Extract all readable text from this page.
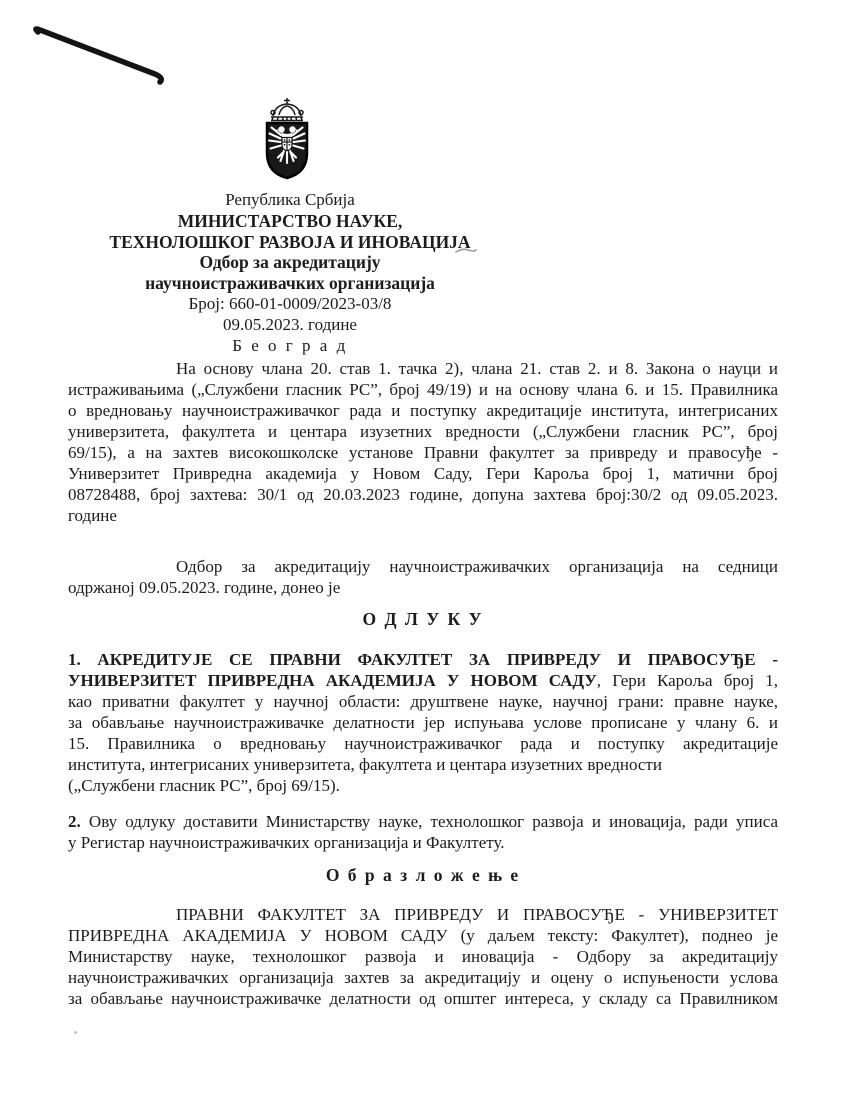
Република Србија
МИНИСТАРСТВО НАУКЕ,
ТЕХНОЛОШКОГ РАЗВОЈА И ИНОВАЦИЈА
Одбор за акредитацију
научноистраживачких организација
Број: 660-01-0009/2023-03/8
09.05.2023. године
Б е о г р а д
На основу члана 20. став 1. тачка 2), члана 21. став 2. и 8. Закона о науци и
истраживањима („Службени гласник РС”, број 49/19) и на основу члана 6. и 15. Правилника
о вредновању научноистраживачког рада и поступку акредитације института, интегрисаних
универзитета, факултета и центара изузетних вредности („Службени гласник РС”, број
69/15), а на захтев високошколске установе Правни факултет за привреду и правосуђе -
Универзитет Привредна академија у Новом Саду, Гери Кароља број 1, матични број
08728488, број захтева: 30/1 од 20.03.2023 године, допуна захтева број:30/2 од 09.05.2023.
године
Одбор за акредитацију научноистраживачких организација на седници
одржаној 09.05.2023. године, донео је
О Д Л У К У
1. АКРЕДИТУЈЕ СЕ ПРАВНИ ФАКУЛТЕТ ЗА ПРИВРЕДУ И ПРАВОСУЂЕ -
УНИВЕРЗИТЕТ ПРИВРЕДНА АКАДЕМИЈА У НОВОМ САДУ, Гери Кароља број 1,
као приватни факултет у научној области: друштвене науке, научној грани: правне науке,
за обављање научноистраживачке делатности јер испуњава услове прописане у члану 6. и
15. Правилника о вредновању научноистраживачког рада и поступку акредитације
института, интегрисаних универзитета, факултета и центара изузетних вредности
(„Службени гласник РС”, број 69/15).
2. Ову одлуку доставити Министарству науке, технолошког развоја и иновација, ради уписа
у Регистар научноистраживачких организација и Факултету.
О б р а з л о ж е њ е
ПРАВНИ ФАКУЛТЕТ ЗА ПРИВРЕДУ И ПРАВОСУЂЕ - УНИВЕРЗИТЕТ
ПРИВРЕДНА АКАДЕМИЈА У НОВОМ САДУ (у даљем тексту: Факултет), поднео је
Министарству науке, технолошког развоја и иновација - Одбору за акредитацију
научноистраживачких организација захтев за акредитацију и оцену о испуњености услова
за обављање научноистраживачке делатности од општег интереса, у складу са Правилником
